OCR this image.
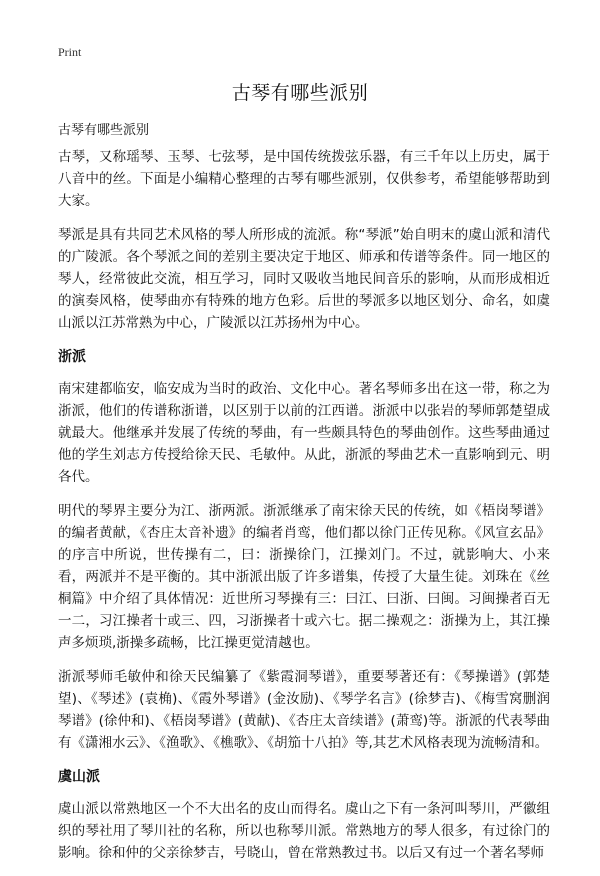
Print
古琴有哪些派别
古琴有哪些派别

古琴，又称瑶琴、玉琴、七弦琴，是中国传统拨弦乐器，有三千年以上历史，属于八音中的丝。下面是小编精心整理的古琴有哪些派别，仅供参考，希望能够帮助到大家。

琴派是具有共同艺术风格的琴人所形成的流派。称“琴派”始自明末的虞山派和清代的广陵派。各个琴派之间的差别主要决定于地区、师承和传谱等条件。同一地区的琴人，经常彼此交流，相互学习，同时又吸收当地民间音乐的影响，从而形成相近的演奏风格，使琴曲亦有特殊的地方色彩。后世的琴派多以地区划分、命名，如虞山派以江苏常熟为中心，广陵派以江苏扬州为中心。

浙派

南宋建都临安，临安成为当时的政治、文化中心。著名琴师多出在这一带，称之为浙派，他们的传谱称浙谱，以区别于以前的江西谱。浙派中以张岩的琴师郭楚望成就最大。他继承并发展了传统的琴曲，有一些颇具特色的琴曲创作。这些琴曲通过他的学生刘志方传授给徐天民、毛敏仲。从此，浙派的琴曲艺术一直影响到元、明各代。

明代的琴界主要分为江、浙两派。浙派继承了南宋徐天民的传统，如《梧岗琴谱》的编者黄献，《杏庄太音补遗》的编者肖鸾，他们都以徐门正传见称。《风宣玄品》的序言中所说，世传操有二，曰：浙操徐门，江操刘门。不过，就影响大、小来看，两派并不是平衡的。其中浙派出版了许多谱集，传授了大量生徒。刘珠在《丝桐篇》中介绍了具体情况：近世所习琴操有三：曰江、曰浙、曰闽。习闽操者百无一二，习江操者十或三、四，习浙操者十或六七。据二操观之：浙操为上，其江操声多烦琐,浙操多疏畅，比江操更觉清越也。

浙派琴师毛敏仲和徐天民编纂了《紫霞洞琴谱》，重要琴著还有：《琴操谱》(郭楚望)、《琴述》(袁桷)、《霞外琴谱》(金汝励)、《琴学名言》(徐梦吉)、《梅雪窝删润琴谱》(徐仲和)、《梧岗琴谱》(黄献)、《杏庄太音续谱》(萧鸾)等。浙派的代表琴曲有《潇湘水云》、《渔歌》、《樵歌》、《胡笳十八拍》等,其艺术风格表现为流畅清和。

虞山派

虞山派以常熟地区一个不大出名的皮山而得名。虞山之下有一条河叫琴川，严徽组织的琴社用了琴川社的名称，所以也称琴川派。常熟地方的琴人很多，有过徐门的影响。徐和仲的父亲徐梦吉，号晓山，曾在常熟教过书。以后又有过一个著名琴师
